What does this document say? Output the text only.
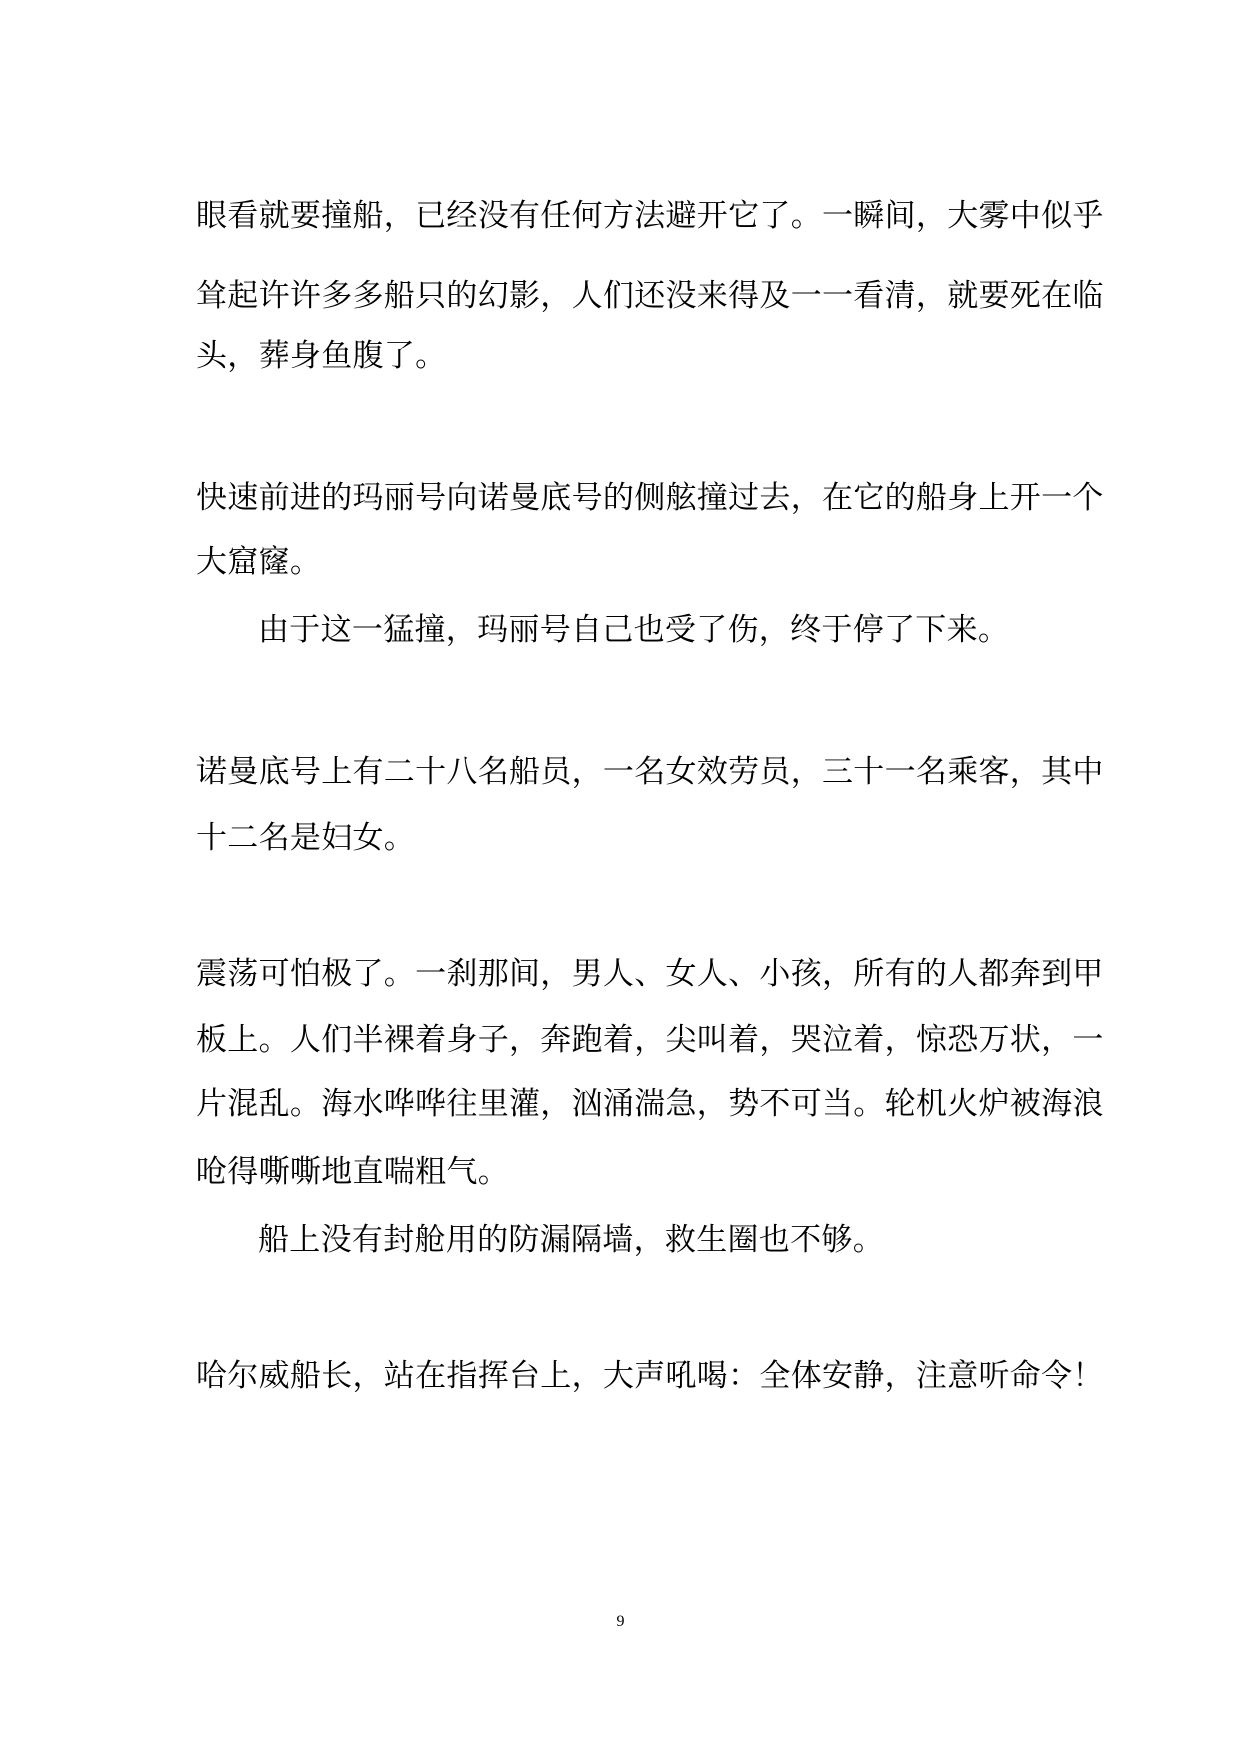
眼看就要撞船，已经没有任何方法避开它了。一瞬间，大雾中似乎
耸起许许多多船只的幻影，人们还没来得及一一看清，就要死在临
头，葬身鱼腹了。
快速前进的玛丽号向诺曼底号的侧舷撞过去，在它的船身上开一个
大窟窿。
由于这一猛撞，玛丽号自己也受了伤，终于停了下来。
诺曼底号上有二十八名船员，一名女效劳员，三十一名乘客，其中
十二名是妇女。
震荡可怕极了。一刹那间，男人、女人、小孩，所有的人都奔到甲
板上。人们半裸着身子，奔跑着，尖叫着，哭泣着，惊恐万状，一
片混乱。海水哗哗往里灌，汹涌湍急，势不可当。轮机火炉被海浪
呛得嘶嘶地直喘粗气。
船上没有封舱用的防漏隔墙，救生圈也不够。
哈尔威船长，站在指挥台上，大声吼喝：全体安静，注意听命令！
9
